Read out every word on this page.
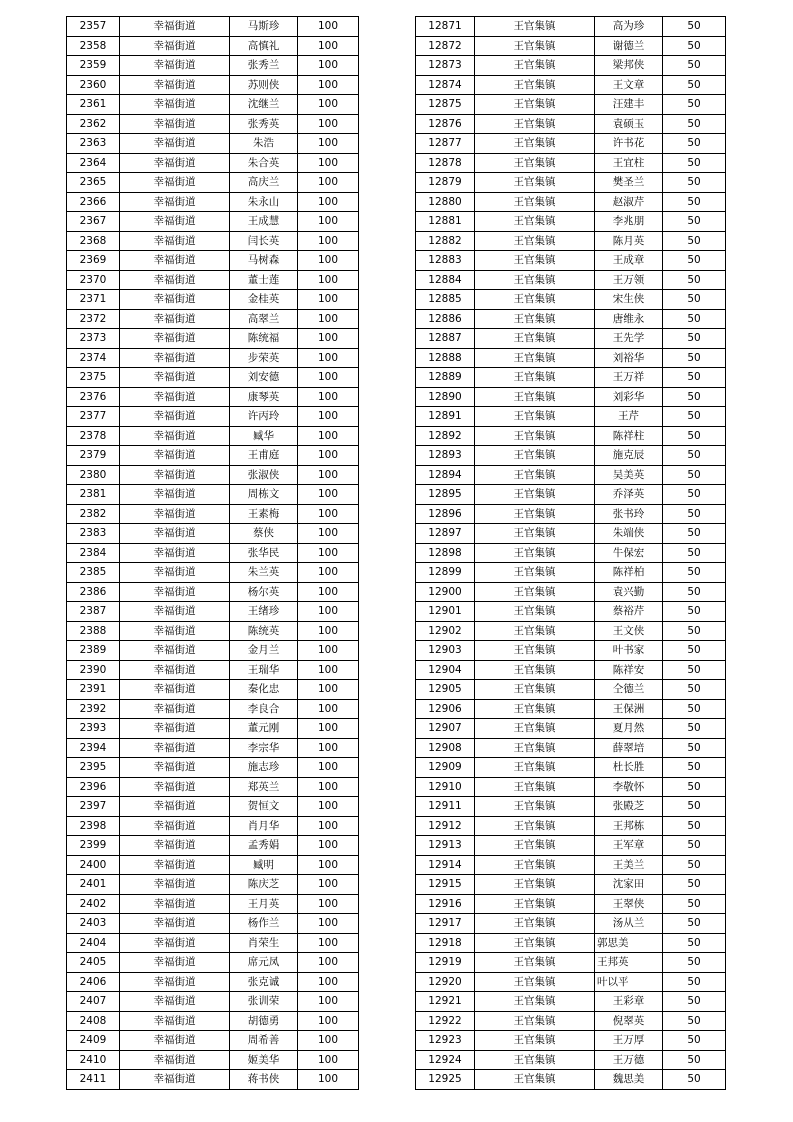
2357	幸福街道	马斯珍	100
2358	幸福街道	高慎礼	100
2359	幸福街道	张秀兰	100
2360	幸福街道	苏则侠	100
2361	幸福街道	沈继兰	100
2362	幸福街道	张秀英	100
2363	幸福街道	朱浩	100
2364	幸福街道	朱合英	100
2365	幸福街道	高庆兰	100
2366	幸福街道	朱永山	100
2367	幸福街道	王成慧	100
2368	幸福街道	闫长英	100
2369	幸福街道	马树森	100
2370	幸福街道	董士莲	100
2371	幸福街道	金桂英	100
2372	幸福街道	高翠兰	100
2373	幸福街道	陈统福	100
2374	幸福街道	步荣英	100
2375	幸福街道	刘安德	100
2376	幸福街道	康琴英	100
2377	幸福街道	许丙玲	100
2378	幸福街道	臧华	100
2379	幸福街道	王甫庭	100
2380	幸福街道	张淑侠	100
2381	幸福街道	周栋文	100
2382	幸福街道	王素梅	100
2383	幸福街道	蔡侠	100
2384	幸福街道	张华民	100
2385	幸福街道	朱兰英	100
2386	幸福街道	杨尔英	100
2387	幸福街道	王绪珍	100
2388	幸福街道	陈统英	100
2389	幸福街道	金月兰	100
2390	幸福街道	王瑞华	100
2391	幸福街道	秦化忠	100
2392	幸福街道	李良合	100
2393	幸福街道	董元刚	100
2394	幸福街道	李宗华	100
2395	幸福街道	施志珍	100
2396	幸福街道	郑英兰	100
2397	幸福街道	贺恒文	100
2398	幸福街道	肖月华	100
2399	幸福街道	孟秀娟	100
2400	幸福街道	臧明	100
2401	幸福街道	陈庆芝	100
2402	幸福街道	王月英	100
2403	幸福街道	杨作兰	100
2404	幸福街道	肖荣生	100
2405	幸福街道	席元凤	100
2406	幸福街道	张克诚	100
2407	幸福街道	张训荣	100
2408	幸福街道	胡德勇	100
2409	幸福街道	周希善	100
2410	幸福街道	姬美华	100
2411	幸福街道	蒋书侠	100
12871	王官集镇	高为珍	50
12872	王官集镇	谢德兰	50
12873	王官集镇	梁邦侠	50
12874	王官集镇	王文章	50
12875	王官集镇	汪建丰	50
12876	王官集镇	袁硕玉	50
12877	王官集镇	许书花	50
12878	王官集镇	王宜柱	50
12879	王官集镇	樊圣兰	50
12880	王官集镇	赵淑芹	50
12881	王官集镇	李兆朋	50
12882	王官集镇	陈月英	50
12883	王官集镇	王成章	50
12884	王官集镇	王万领	50
12885	王官集镇	宋生侠	50
12886	王官集镇	唐维永	50
12887	王官集镇	王先学	50
12888	王官集镇	刘裕华	50
12889	王官集镇	王万祥	50
12890	王官集镇	刘彩华	50
12891	王官集镇	王芹	50
12892	王官集镇	陈祥柱	50
12893	王官集镇	施克辰	50
12894	王官集镇	吴美英	50
12895	王官集镇	乔泽英	50
12896	王官集镇	张书玲	50
12897	王官集镇	朱端侠	50
12898	王官集镇	牛保宏	50
12899	王官集镇	陈祥柏	50
12900	王官集镇	袁兴勤	50
12901	王官集镇	蔡裕芹	50
12902	王官集镇	王文侠	50
12903	王官集镇	叶书家	50
12904	王官集镇	陈祥安	50
12905	王官集镇	仝德兰	50
12906	王官集镇	王保洲	50
12907	王官集镇	夏月然	50
12908	王官集镇	薛翠培	50
12909	王官集镇	杜长胜	50
12910	王官集镇	李敬怀	50
12911	王官集镇	张殿芝	50
12912	王官集镇	王邦栋	50
12913	王官集镇	王军章	50
12914	王官集镇	王美兰	50
12915	王官集镇	沈家田	50
12916	王官集镇	王翠侠	50
12917	王官集镇	汤从兰	50
12918	王官集镇	郭思美	50
12919	王官集镇	王邦英	50
12920	王官集镇	叶以平	50
12921	王官集镇	王彩章	50
12922	王官集镇	倪翠英	50
12923	王官集镇	王万厚	50
12924	王官集镇	王万德	50
12925	王官集镇	魏思美	50
